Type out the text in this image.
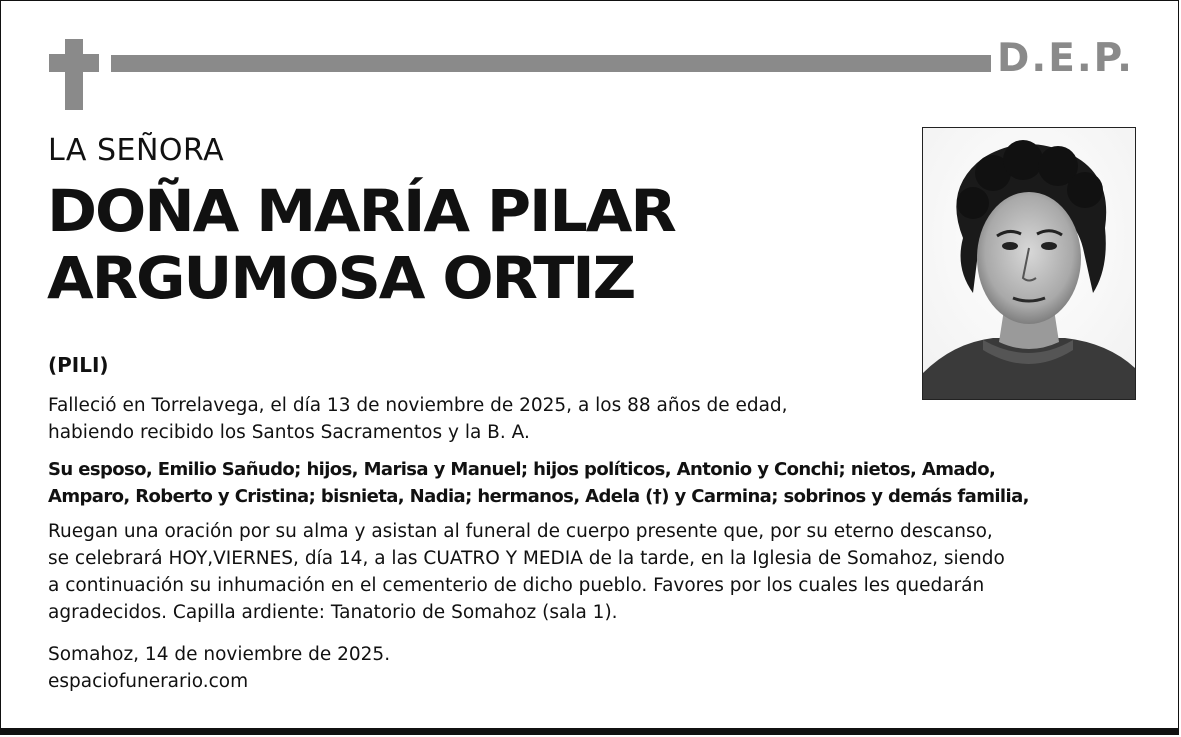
D.E.P.
LA SEÑORA
DOÑA MARÍA PILAR
ARGUMOSA ORTIZ
(PILI)
Falleció en Torrelavega, el día 13 de noviembre de 2025, a los 88 años de edad,
habiendo recibido los Santos Sacramentos y la B. A.
Su esposo, Emilio Sañudo; hijos, Marisa y Manuel; hijos políticos, Antonio y Conchi; nietos, Amado,
Amparo, Roberto y Cristina; bisnieta, Nadia; hermanos, Adela (†) y Carmina; sobrinos y demás familia,
Ruegan una oración por su alma y asistan al funeral de cuerpo presente que, por su eterno descanso,
se celebrará HOY,VIERNES, día 14, a las CUATRO Y MEDIA de la tarde, en la Iglesia de Somahoz, siendo
a continuación su inhumación en el cementerio de dicho pueblo. Favores por los cuales les quedarán
agradecidos. Capilla ardiente: Tanatorio de Somahoz (sala 1).
Somahoz, 14 de noviembre de 2025.
espaciofunerario.com
